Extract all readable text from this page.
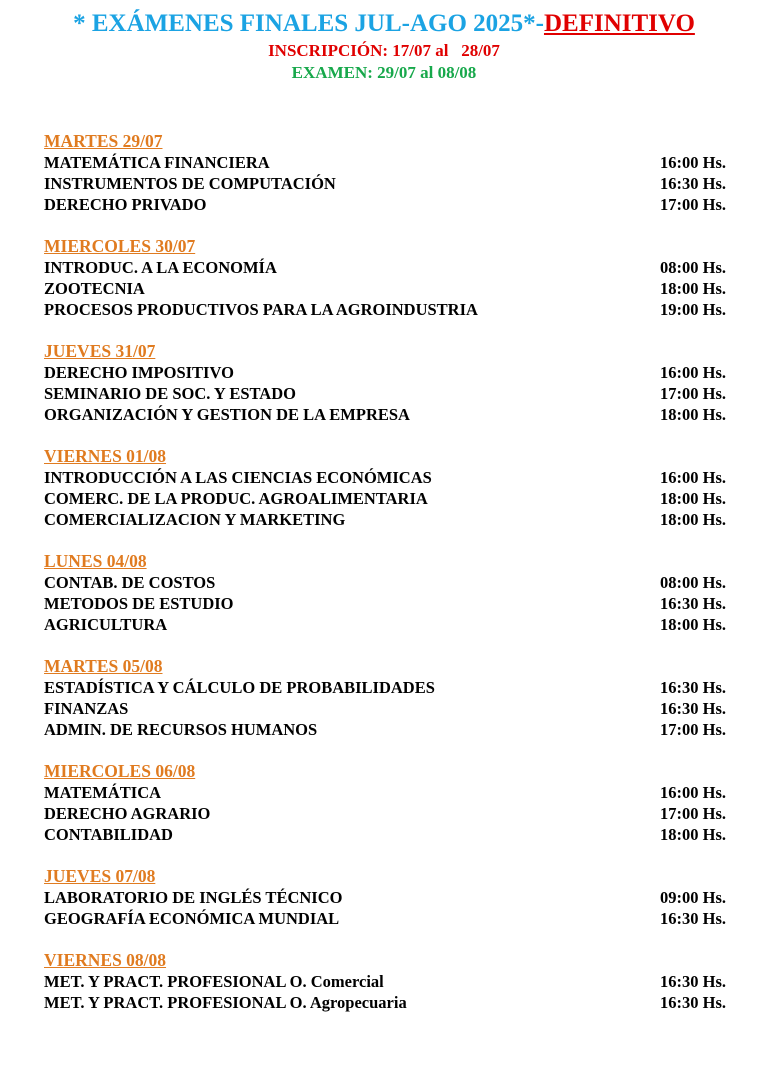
* EXÁMENES FINALES JUL-AGO 2025*-DEFINITIVO
INSCRIPCIÓN: 17/07 al   28/07
EXAMEN: 29/07 al 08/08
MARTES 29/07
MATEMÁTICA FINANCIERA	16:00 Hs.
INSTRUMENTOS DE COMPUTACIÓN	16:30 Hs.
DERECHO PRIVADO	17:00 Hs.
MIERCOLES 30/07
INTRODUC. A LA ECONOMÍA	08:00 Hs.
ZOOTECNIA	18:00 Hs.
PROCESOS PRODUCTIVOS PARA LA AGROINDUSTRIA	19:00 Hs.
JUEVES 31/07
DERECHO IMPOSITIVO	16:00 Hs.
SEMINARIO DE SOC. Y ESTADO	17:00 Hs.
ORGANIZACIÓN Y GESTION DE LA EMPRESA	18:00 Hs.
VIERNES 01/08
INTRODUCCIÓN A LAS CIENCIAS ECONÓMICAS	16:00 Hs.
COMERC. DE LA PRODUC. AGROALIMENTARIA	18:00 Hs.
COMERCIALIZACION Y MARKETING	18:00 Hs.
LUNES 04/08
CONTAB. DE COSTOS	08:00 Hs.
METODOS DE ESTUDIO	16:30 Hs.
AGRICULTURA	18:00 Hs.
MARTES 05/08
ESTADÍSTICA Y CÁLCULO DE PROBABILIDADES	16:30 Hs.
FINANZAS	16:30 Hs.
ADMIN. DE RECURSOS HUMANOS	17:00 Hs.
MIERCOLES 06/08
MATEMÁTICA	16:00 Hs.
DERECHO AGRARIO	17:00 Hs.
CONTABILIDAD	18:00 Hs.
JUEVES 07/08
LABORATORIO DE INGLÉS TÉCNICO	09:00 Hs.
GEOGRAFÍA ECONÓMICA MUNDIAL	16:30 Hs.
VIERNES 08/08
MET. Y PRACT. PROFESIONAL O. Comercial	16:30 Hs.
MET. Y PRACT. PROFESIONAL O. Agropecuaria	16:30 Hs.
